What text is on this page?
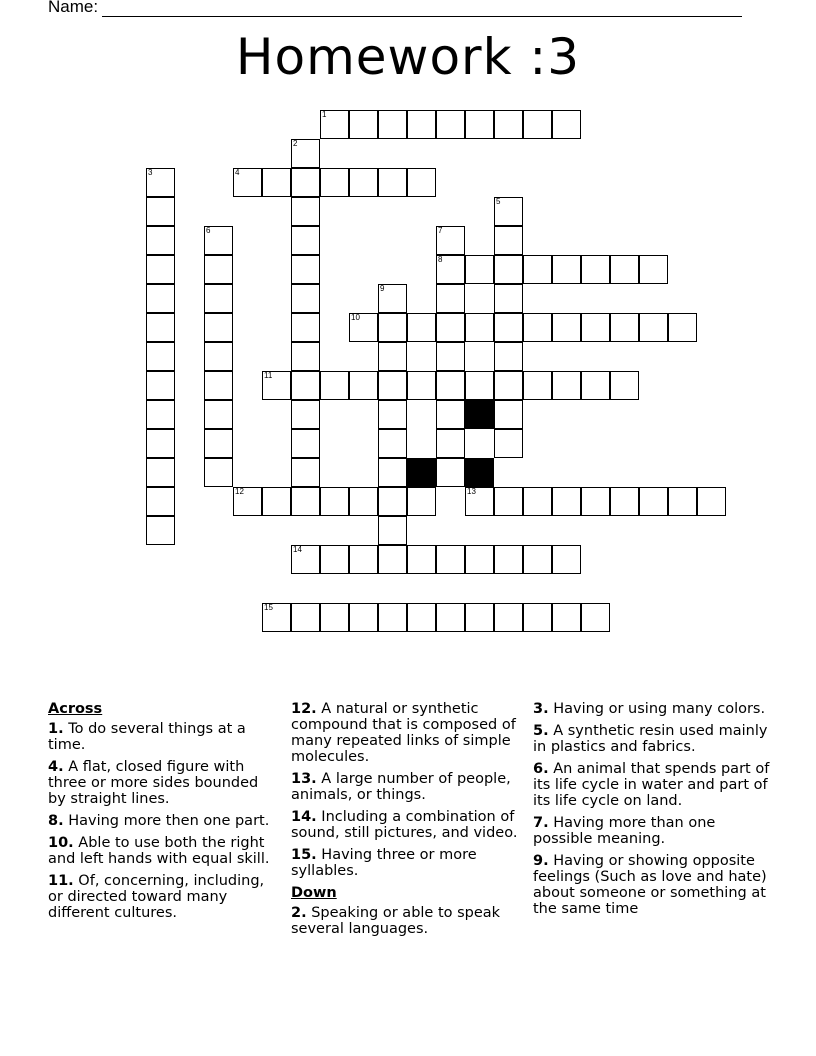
Name:
Homework :3
1
4
8
10
11
12	13
14
15
2
3
5
6	7
9
Across
1. To do several things at a time.
4. A flat, closed figure with three or more sides bounded by straight lines.
8. Having more then one part.
10. Able to use both the right and left hands with equal skill.
11. Of, concerning, including, or directed toward many different cultures.
12. A natural or synthetic compound that is composed of many repeated links of simple molecules.
13. A large number of people, animals, or things.
14. Including a combination of sound, still pictures, and video.
15. Having three or more syllables.
Down
2. Speaking or able to speak several languages.
3. Having or using many colors.
5. A synthetic resin used mainly in plastics and fabrics.
6. An animal that spends part of its life cycle in water and part of its life cycle on land.
7. Having more than one possible meaning.
9. Having or showing opposite feelings (Such as love and hate) about someone or something at the same time
